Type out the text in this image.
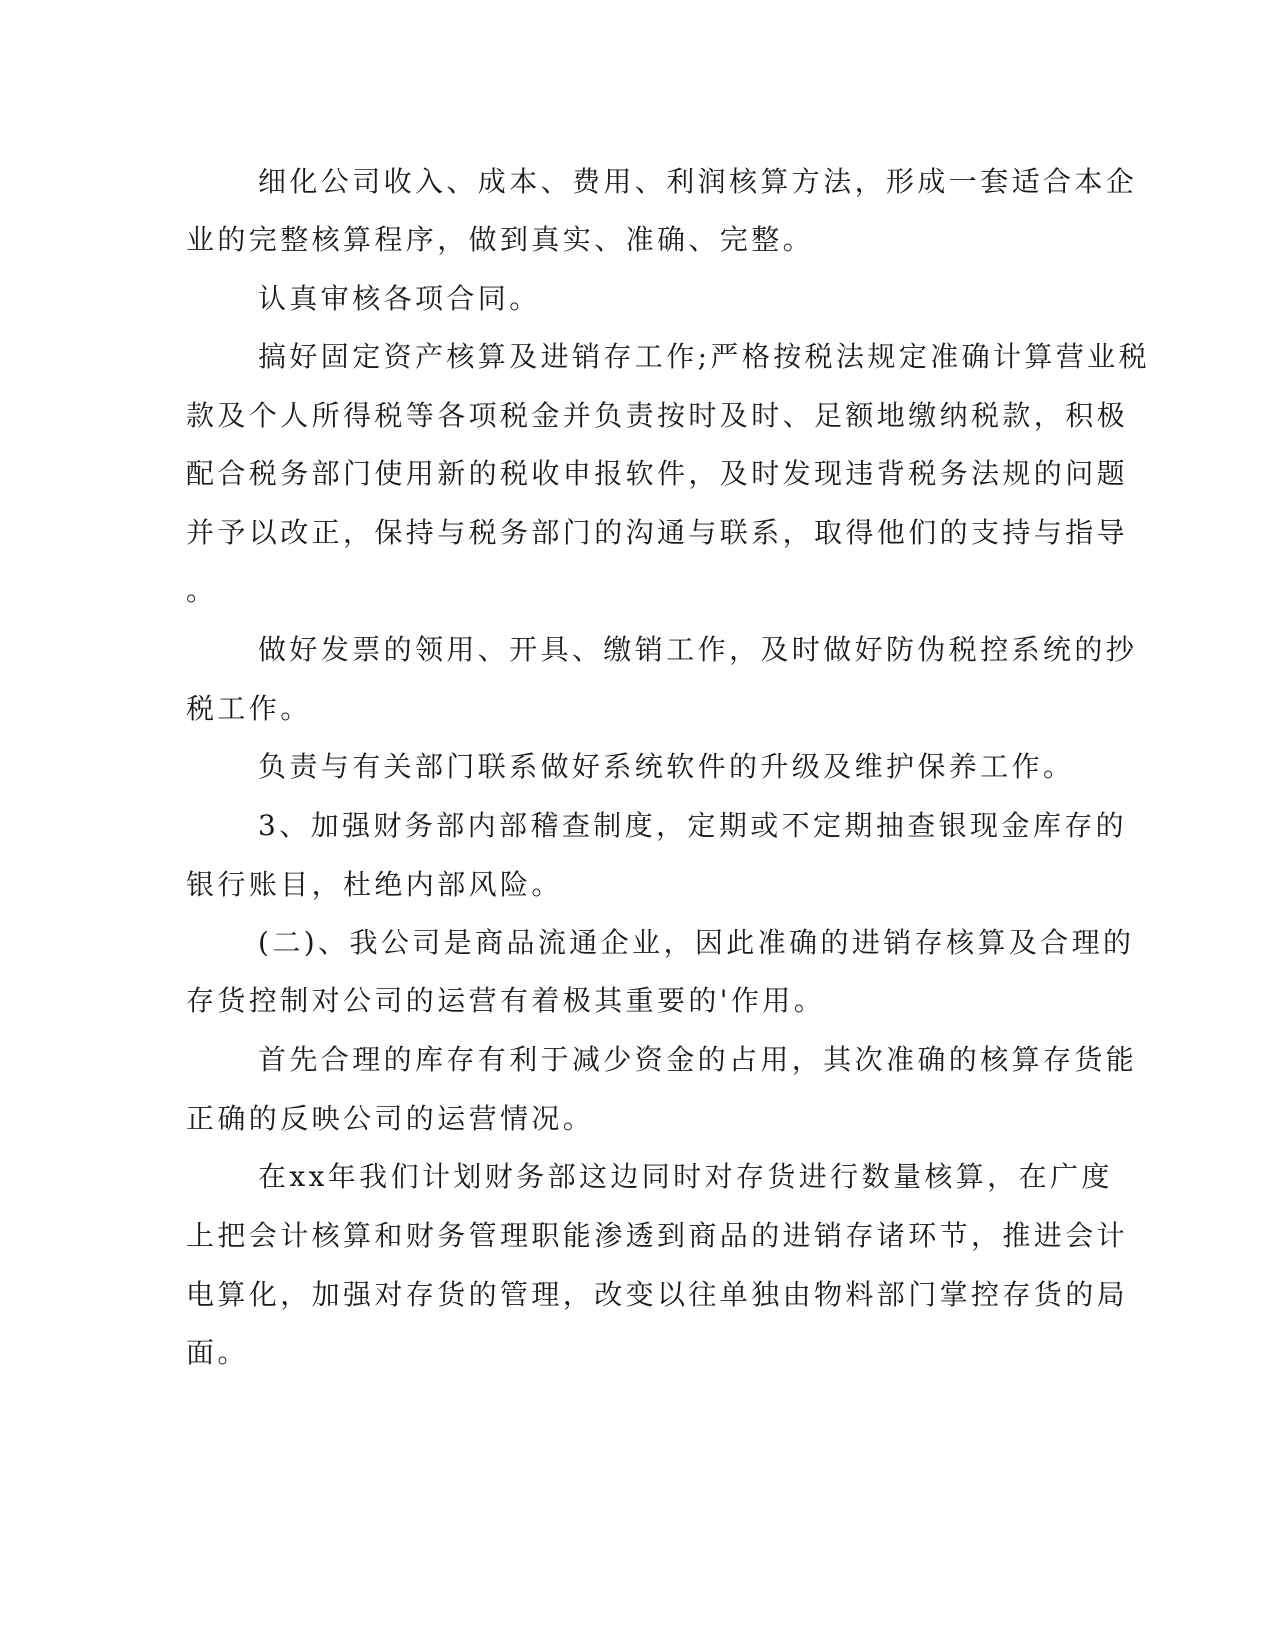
细化公司收入、成本、费用、利润核算方法，形成一套适合本企

业的完整核算程序，做到真实、准确、完整。

认真审核各项合同。

搞好固定资产核算及进销存工作;严格按税法规定准确计算营业税

款及个人所得税等各项税金并负责按时及时、足额地缴纳税款，积极

配合税务部门使用新的税收申报软件，及时发现违背税务法规的问题

并予以改正，保持与税务部门的沟通与联系，取得他们的支持与指导

。

做好发票的领用、开具、缴销工作，及时做好防伪税控系统的抄

税工作。

负责与有关部门联系做好系统软件的升级及维护保养工作。

3、加强财务部内部稽查制度，定期或不定期抽查银现金库存的

银行账目，杜绝内部风险。

(二)、我公司是商品流通企业，因此准确的进销存核算及合理的

存货控制对公司的运营有着极其重要的'作用。

首先合理的库存有利于减少资金的占用，其次准确的核算存货能

正确的反映公司的运营情况。

在xx年我们计划财务部这边同时对存货进行数量核算，在广度

上把会计核算和财务管理职能渗透到商品的进销存诸环节，推进会计

电算化，加强对存货的管理，改变以往单独由物料部门掌控存货的局

面。
